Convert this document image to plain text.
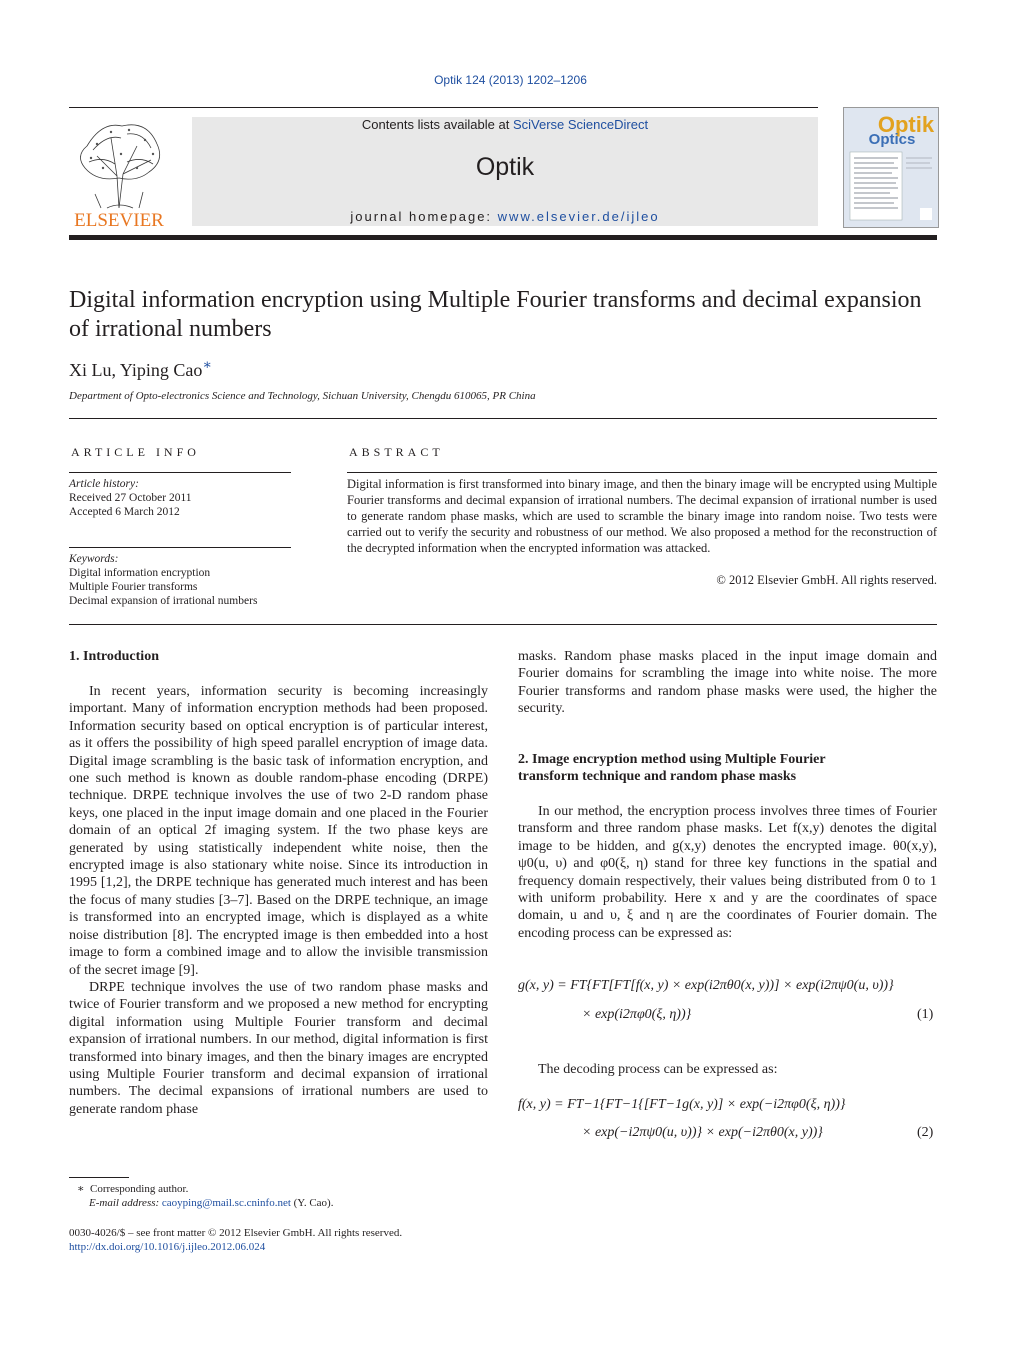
Optik 124 (2013) 1202–1206
ELSEVIER
Contents lists available at SciVerse ScienceDirect
Optik
journal homepage: www.elsevier.de/ijleo
Optik
Optics
Digital information encryption using Multiple Fourier transforms and decimal expansion of irrational numbers
Xi Lu, Yiping Cao∗
Department of Opto-electronics Science and Technology, Sichuan University, Chengdu 610065, PR China
ARTICLE INFO
Article history:
Received 27 October 2011
Accepted 6 March 2012
Keywords:
Digital information encryption
Multiple Fourier transforms
Decimal expansion of irrational numbers
ABSTRACT
Digital information is first transformed into binary image, and then the binary image will be encrypted using Multiple Fourier transforms and decimal expansion of irrational numbers. The decimal expansion of irrational number is used to generate random phase masks, which are used to scramble the binary image into random noise. Two tests were carried out to verify the security and robustness of our method. We also proposed a method for the reconstruction of the decrypted information when the encrypted information was attacked.
© 2012 Elsevier GmbH. All rights reserved.
1. Introduction

In recent years, information security is becoming increasingly important. Many of information encryption methods had been proposed. Information security based on optical encryption is of particular interest, as it offers the possibility of high speed parallel encryption of image data. Digital image scrambling is the basic task of information encryption, and one such method is known as double random-phase encoding (DRPE) technique. DRPE technique involves the use of two 2-D random phase keys, one placed in the input image domain and one placed in the Fourier domain of an optical 2f imaging system. If the two phase keys are generated by using statistically independent white noise, then the encrypted image is also stationary white noise. Since its introduction in 1995 [1,2], the DRPE technique has generated much interest and has been the focus of many studies [3–7]. Based on the DRPE technique, an image is transformed into an encrypted image, which is displayed as a white noise distribution [8]. The encrypted image is then embedded into a host image to form a combined image and to allow the invisible transmission of the secret image [9].

DRPE technique involves the use of two random phase masks and twice of Fourier transform and we proposed a new method for encrypting digital information using Multiple Fourier transform and decimal expansion of irrational numbers. In our method, digital information is first transformed into binary images, and then the binary images are encrypted using Multiple Fourier transform and decimal expansion of irrational numbers. The decimal expansions of irrational numbers are used to generate random phase

masks. Random phase masks placed in the input image domain and Fourier domains for scrambling the image into white noise. The more Fourier transforms and random phase masks were used, the higher the security.

2. Image encryption method using Multiple Fourier
transform technique and random phase masks

In our method, the encryption process involves three times of Fourier transform and three random phase masks. Let f(x,y) denotes the digital image to be hidden, and g(x,y) denotes the encrypted image. θ0(x,y), ψ0(u, υ) and φ0(ξ, η) stand for three key functions in the spatial and frequency domain respectively, their values being distributed from 0 to 1 with uniform probability. Here x and y are the coordinates of space domain, u and υ, ξ and η are the coordinates of Fourier domain. The encoding process can be expressed as:

g(x, y) = FT{FT[FT[f(x, y) × exp(i2πθ0(x, y))] × exp(i2πψ0(u, υ))}
× exp(i2πφ0(ξ, η))}	(1)
The decoding process can be expressed as:
f(x, y) = FT−1{FT−1{[FT−1g(x, y)] × exp(−i2πφ0(ξ, η))}
× exp(−i2πψ0(u, υ))} × exp(−i2πθ0(x, y))}	(2)
∗ Corresponding author.
E-mail address: caoyping@mail.sc.cninfo.net (Y. Cao).
0030-4026/$ – see front matter © 2012 Elsevier GmbH. All rights reserved.
http://dx.doi.org/10.1016/j.ijleo.2012.06.024
